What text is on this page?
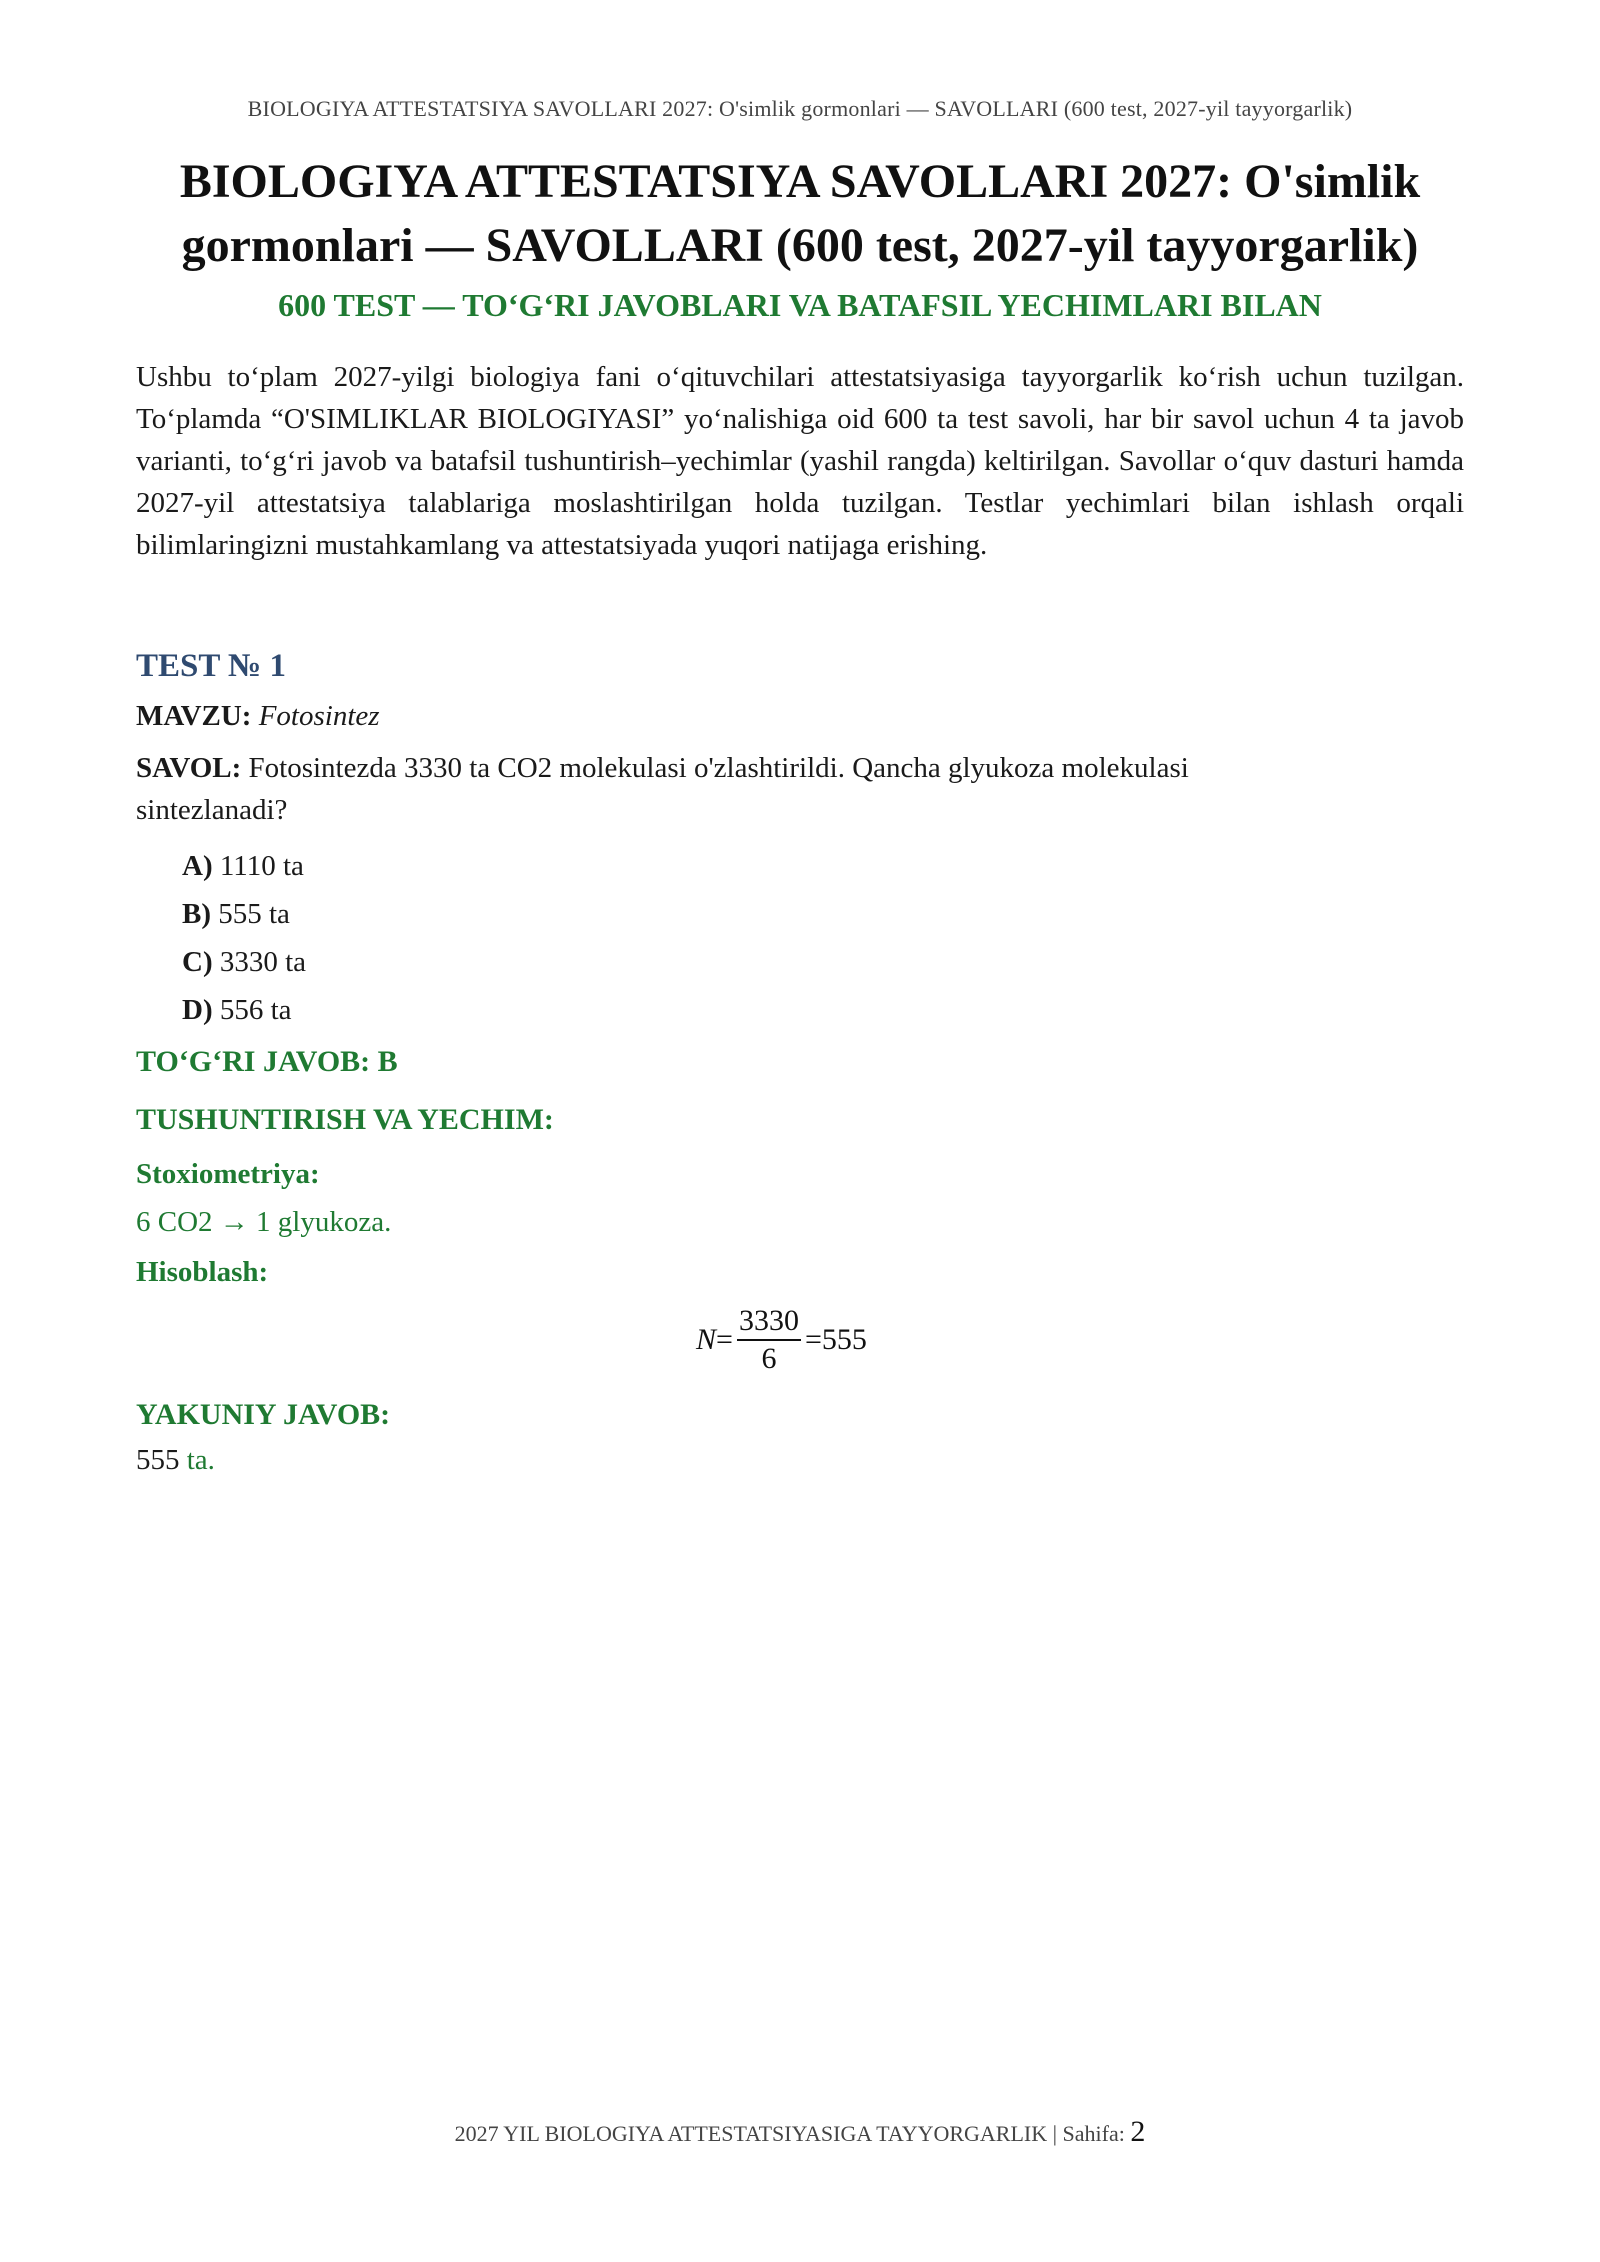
BIOLOGIYA ATTESTATSIYA SAVOLLARI 2027: O'simlik gormonlari — SAVOLLARI (600 test, 2027-yil tayyorgarlik)
BIOLOGIYA ATTESTATSIYA SAVOLLARI 2027: O'simlik gormonlari — SAVOLLARI (600 test, 2027-yil tayyorgarlik)
600 TEST — TO‘G‘RI JAVOBLARI VA BATAFSIL YECHIMLARI BILAN

Ushbu to‘plam 2027-yilgi biologiya fani o‘qituvchilari attestatsiyasiga tayyorgarlik ko‘rish uchun tuzilgan. To‘plamda “O'SIMLIKLAR BIOLOGIYASI” yo‘nalishiga oid 600 ta test savoli, har bir savol uchun 4 ta javob varianti, to‘g‘ri javob va batafsil tushuntirish–yechimlar (yashil rangda) keltirilgan. Savollar o‘quv dasturi hamda 2027-yil attestatsiya talablariga moslashtirilgan holda tuzilgan. Testlar yechimlari bilan ishlash orqali bilimlaringizni mustahkamlang va attestatsiyada yuqori natijaga erishing.

TEST № 1
MAVZU: Fotosintez

SAVOL: Fotosintezda 3330 ta CO2 molekulasi o'zlashtirildi. Qancha glyukoza molekulasi sintezlanadi?

A) 1110 ta
B) 555 ta
C) 3330 ta
D) 556 ta
TO‘G‘RI JAVOB: B
TUSHUNTIRISH VA YECHIM:
Stoxiometriya:
6 CO2 → 1 glyukoza.
Hisoblash:
$N = \frac{3330}{6} = 555$
YAKUNIY JAVOB:
555 ta.
2027 YIL BIOLOGIYA ATTESTATSIYASIGA TAYYORGARLIK | Sahifa: 2
